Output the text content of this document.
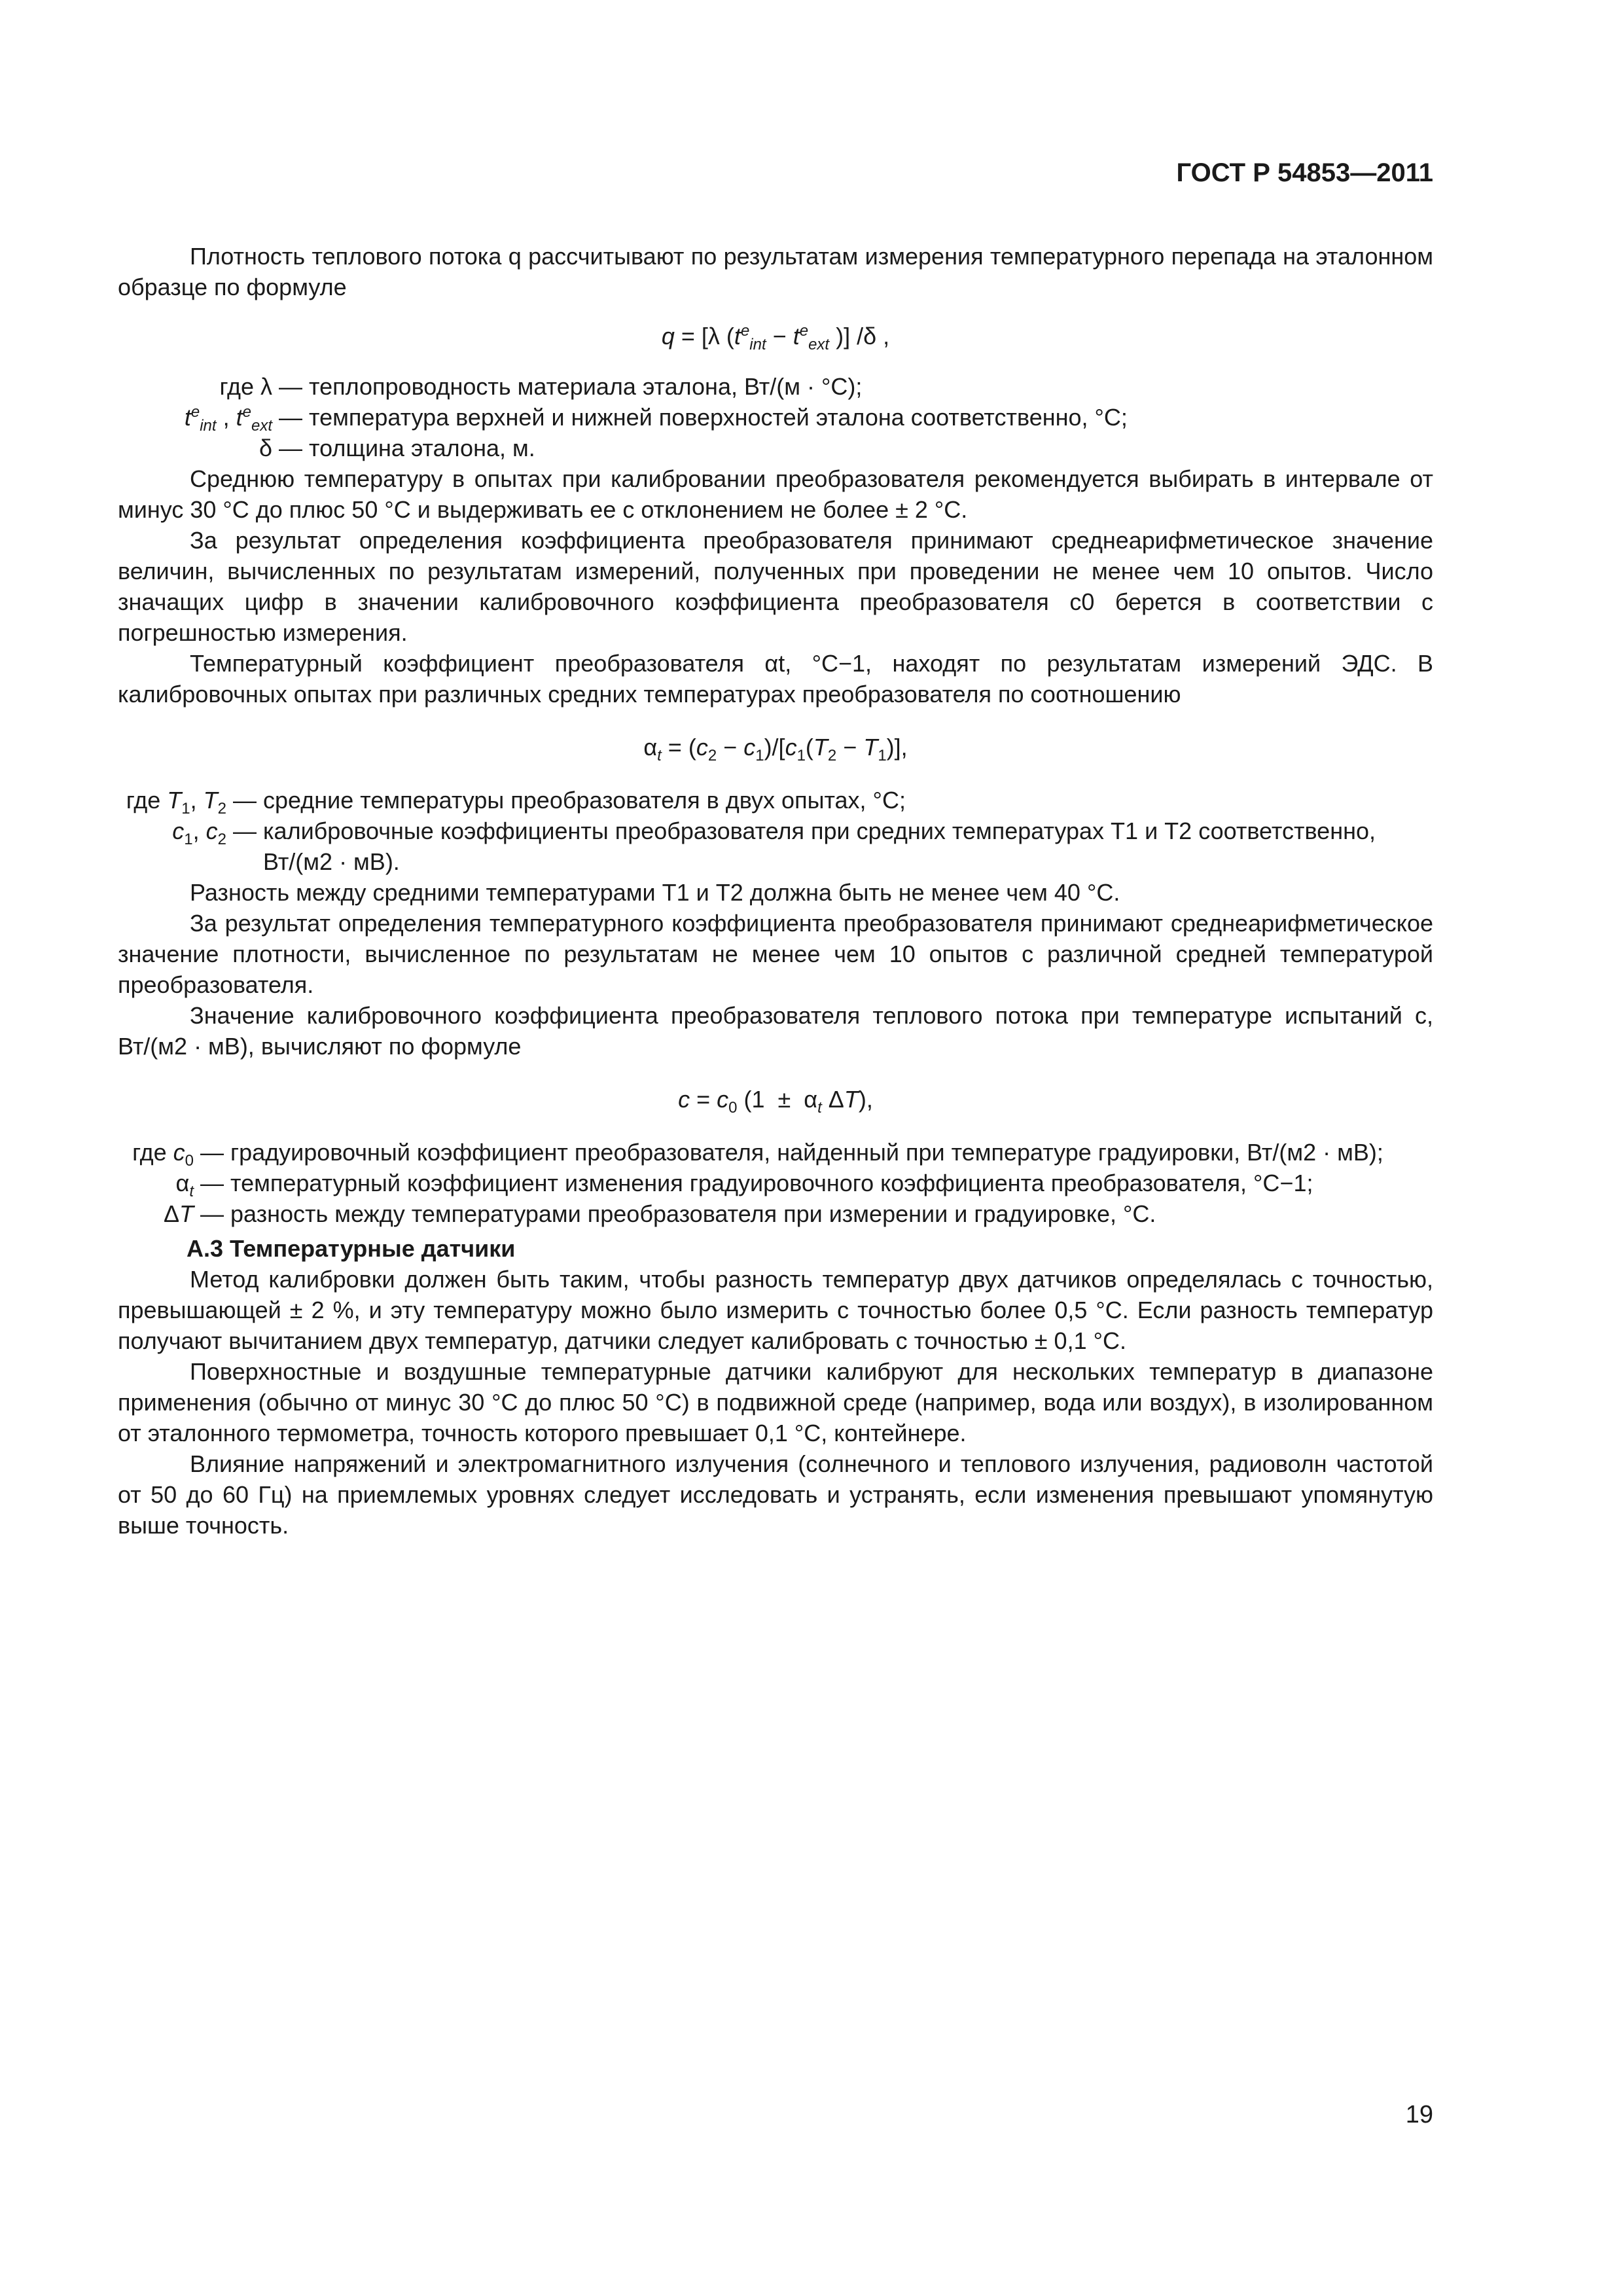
ГОСТ Р 54853—2011

Плотность теплового потока q рассчитывают по результатам измерения температурного перепада на эталонном образце по формуле

q = [λ ($t^e_{int} - t^e_{ext}$ )] /δ ,

где λ — теплопроводность материала эталона, Вт/(м · °С);
$t^e_{int}$ , $t^e_{ext}$ — температура верхней и нижней поверхностей эталона соответственно, °С;
δ — толщина эталона, м.

Среднюю температуру в опытах при калибровании преобразователя рекомендуется выбирать в интервале от минус 30 °С до плюс 50 °С и выдерживать ее с отклонением не более ± 2 °С.

За результат определения коэффициента преобразователя принимают среднеарифметическое значение величин, вычисленных по результатам измерений, полученных при проведении не менее чем 10 опытов. Число значащих цифр в значении калибровочного коэффициента преобразователя c0 берется в соответствии с погрешностью измерения.

Температурный коэффициент преобразователя αt, °С−1, находят по результатам измерений ЭДС. В калибровочных опытах при различных средних температурах преобразователя по соотношению

$\alpha_t = (c_2 - c_1)/[c_1(T_2 - T_1)]$,

где $T_1$, $T_2$ — средние температуры преобразователя в двух опытах, °С;
$c_1$, $c_2$ — калибровочные коэффициенты преобразователя при средних температурах T1 и T2 соответственно, Вт/(м2 · мВ).

Разность между средними температурами T1 и T2 должна быть не менее чем 40 °С.

За результат определения температурного коэффициента преобразователя принимают среднеарифметическое значение плотности, вычисленное по результатам не менее чем 10 опытов с различной средней температурой преобразователя.

Значение калибровочного коэффициента преобразователя теплового потока при температуре испытаний c, Вт/(м2 · мВ), вычисляют по формуле

$c = c_0$ ($1 \pm \alpha_t$ ΔT),

где $c_0$ — градуировочный коэффициент преобразователя, найденный при температуре градуировки, Вт/(м2 · мВ);
$\alpha_t$ — температурный коэффициент изменения градуировочного коэффициента преобразователя, °С−1;
ΔT — разность между температурами преобразователя при измерении и градуировке, °С.

А.3 Температурные датчики

Метод калибровки должен быть таким, чтобы разность температур двух датчиков определялась с точностью, превышающей ± 2 %, и эту температуру можно было измерить с точностью более 0,5 °С. Если разность температур получают вычитанием двух температур, датчики следует калибровать с точностью ± 0,1 °С.

Поверхностные и воздушные температурные датчики калибруют для нескольких температур в диапазоне применения (обычно от минус 30 °С до плюс 50 °С) в подвижной среде (например, вода или воздух), в изолированном от эталонного термометра, точность которого превышает 0,1 °С, контейнере.

Влияние напряжений и электромагнитного излучения (солнечного и теплового излучения, радиоволн частотой от 50 до 60 Гц) на приемлемых уровнях следует исследовать и устранять, если изменения превышают упомянутую выше точность.

19
